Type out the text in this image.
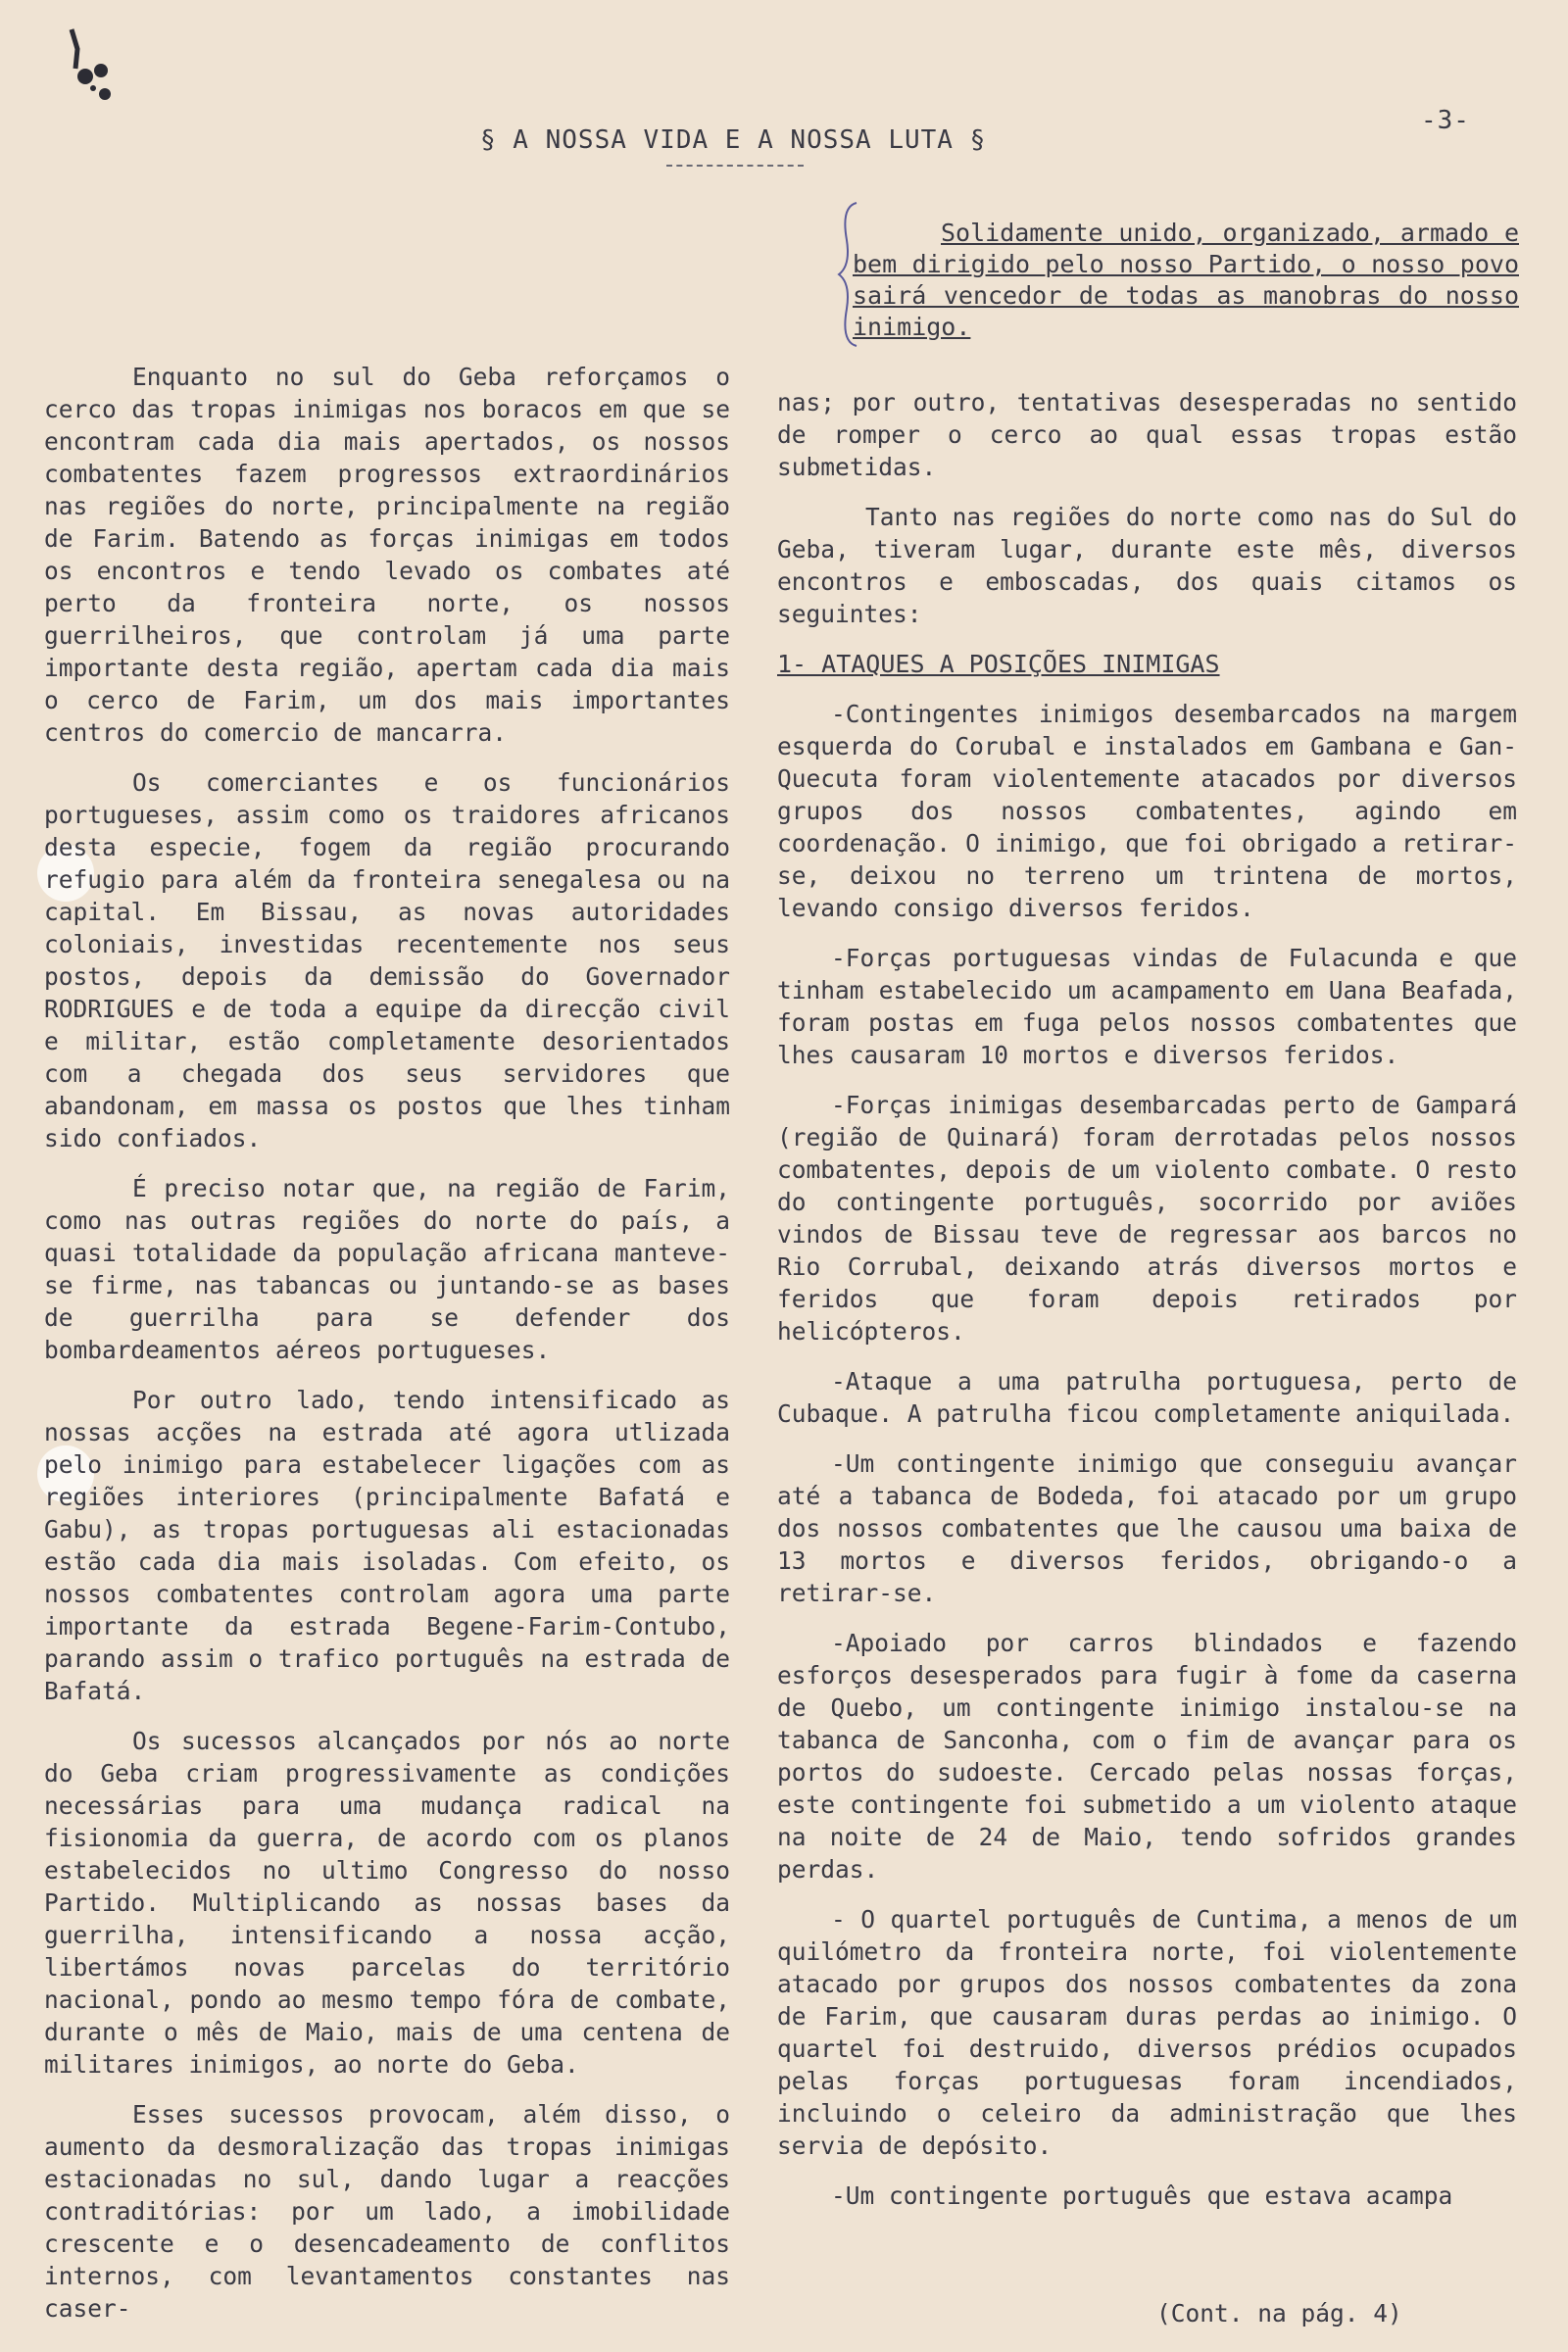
-3-
§ A NOSSA VIDA E A NOSSA LUTA §

Solidamente unido, organizado, armado e bem dirigido pelo nosso Partido, o nosso povo sairá vencedor de todas as manobras do nosso inimigo.

Enquanto no sul do Geba reforçamos o cerco das tropas inimigas nos boracos em que se encontram cada dia mais apertados, os nossos combatentes fazem progressos extraordinários nas regiões do norte, principalmente na região de Farim. Batendo as forças inimigas em todos os encontros e tendo levado os combates até perto da fronteira norte, os nossos guerrilheiros, que controlam já uma parte importante desta região, apertam cada dia mais o cerco de Farim, um dos mais importantes centros do comercio de mancarra.

Os comerciantes e os funcionários portugueses, assim como os traidores africanos desta especie, fogem da região procurando refugio para além da fronteira senegalesa ou na capital. Em Bissau, as novas autoridades coloniais, investidas recentemente nos seus postos, depois da demissão do Governador RODRIGUES e de toda a equipe da direcção civil e militar, estão completamente desorientados com a chegada dos seus servidores que abandonam, em massa os postos que lhes tinham sido confiados.

É preciso notar que, na região de Farim, como nas outras regiões do norte do país, a quasi totalidade da população africana manteve-se firme, nas tabancas ou juntando-se as bases de guerrilha para se defender dos bombardeamentos aéreos portugueses.

Por outro lado, tendo intensificado as nossas acções na estrada até agora utlizada pelo inimigo para estabelecer ligações com as regiões interiores (principalmente Bafatá e Gabu), as tropas portuguesas ali estacionadas estão cada dia mais isoladas. Com efeito, os nossos combatentes controlam agora uma parte importante da estrada Begene-Farim-Contubo, parando assim o trafico português na estrada de Bafatá.

Os sucessos alcançados por nós ao norte do Geba criam progressivamente as condições necessárias para uma mudança radical na fisionomia da guerra, de acordo com os planos estabelecidos no ultimo Congresso do nosso Partido. Multiplicando as nossas bases da guerrilha, intensificando a nossa acção, libertámos novas parcelas do território nacional, pondo ao mesmo tempo fóra de combate, durante o mês de Maio, mais de uma centena de militares inimigos, ao norte do Geba.

Esses sucessos provocam, além disso, o aumento da desmoralização das tropas inimigas estacionadas no sul, dando lugar a reacções contraditórias: por um lado, a imobilidade crescente e o desencadeamento de conflitos internos, com levantamentos constantes nas caser-

nas; por outro, tentativas desesperadas no sentido de romper o cerco ao qual essas tropas estão submetidas.

Tanto nas regiões do norte como nas do Sul do Geba, tiveram lugar, durante este mês, diversos encontros e emboscadas, dos quais citamos os seguintes:

1- ATAQUES A POSIÇÕES INIMIGAS

-Contingentes inimigos desembarcados na margem esquerda do Corubal e instalados em Gambana e Gan-Quecuta foram violentemente atacados por diversos grupos dos nossos combatentes, agindo em coordenação. O inimigo, que foi obrigado a retirar-se, deixou no terreno um trintena de mortos, levando consigo diversos feridos.

-Forças portuguesas vindas de Fulacunda e que tinham estabelecido um acampamento em Uana Beafada, foram postas em fuga pelos nossos combatentes que lhes causaram 10 mortos e diversos feridos.

-Forças inimigas desembarcadas perto de Gampará (região de Quinará) foram derrotadas pelos nossos combatentes, depois de um violento combate. O resto do contingente português, socorrido por aviões vindos de Bissau teve de regressar aos barcos no Rio Corrubal, deixando atrás diversos mortos e feridos que foram depois retirados por helicópteros.

-Ataque a uma patrulha portuguesa, perto de Cubaque. A patrulha ficou completamente aniquilada.

-Um contingente inimigo que conseguiu avançar até a tabanca de Bodeda, foi atacado por um grupo dos nossos combatentes que lhe causou uma baixa de 13 mortos e diversos feridos, obrigando-o a retirar-se.

-Apoiado por carros blindados e fazendo esforços desesperados para fugir à fome da caserna de Quebo, um contingente inimigo instalou-se na tabanca de Sanconha, com o fim de avançar para os portos do sudoeste. Cercado pelas nossas forças, este contingente foi submetido a um violento ataque na noite de 24 de Maio, tendo sofridos grandes perdas.

- O quartel português de Cuntima, a menos de um quilómetro da fronteira norte, foi violentemente atacado por grupos dos nossos combatentes da zona de Farim, que causaram duras perdas ao inimigo. O quartel foi destruido, diversos prédios ocupados pelas forças portuguesas foram incendiados, incluindo o celeiro da administração que lhes servia de depósito.

-Um contingente português que estava acampa

(Cont. na pág. 4)
